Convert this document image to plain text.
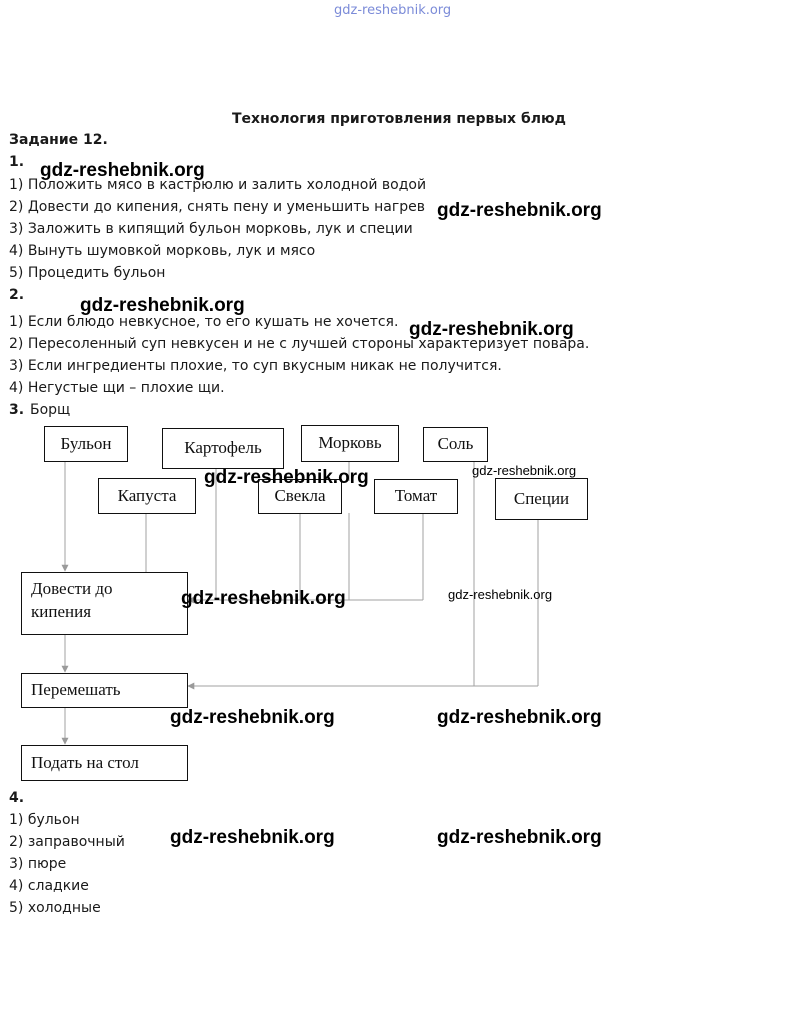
gdz-reshebnik.org
Технология приготовления первых блюд
Задание 12.
1.
1) Положить мясо в кастрюлю и залить холодной водой
2) Довести до кипения, снять пену и уменьшить нагрев
3) Заложить в кипящий бульон морковь, лук и специи
4) Вынуть шумовкой морковь, лук и мясо
5) Процедить бульон
2.
1) Если блюдо невкусное, то его кушать не хочется.
2) Пересоленный суп невкусен и не с лучшей стороны характеризует повара.
3) Если ингредиенты плохие, то суп вкусным никак не получится.
4) Негустые щи – плохие щи.
3. Борщ
Бульон	Картофель	Морковь	Соль
Капуста	Свекла	Томат	Специи
Довести до кипения
Перемешать
Подать на стол
4.
1) бульон
2) заправочный
3) пюре
4) сладкие
5) холодные
gdz-reshebnik.org
gdz-reshebnik.org
gdz-reshebnik.org
gdz-reshebnik.org
gdz-reshebnik.org	gdz-reshebnik.org
gdz-reshebnik.org	gdz-reshebnik.org
gdz-reshebnik.org	gdz-reshebnik.org
gdz-reshebnik.org	gdz-reshebnik.org
